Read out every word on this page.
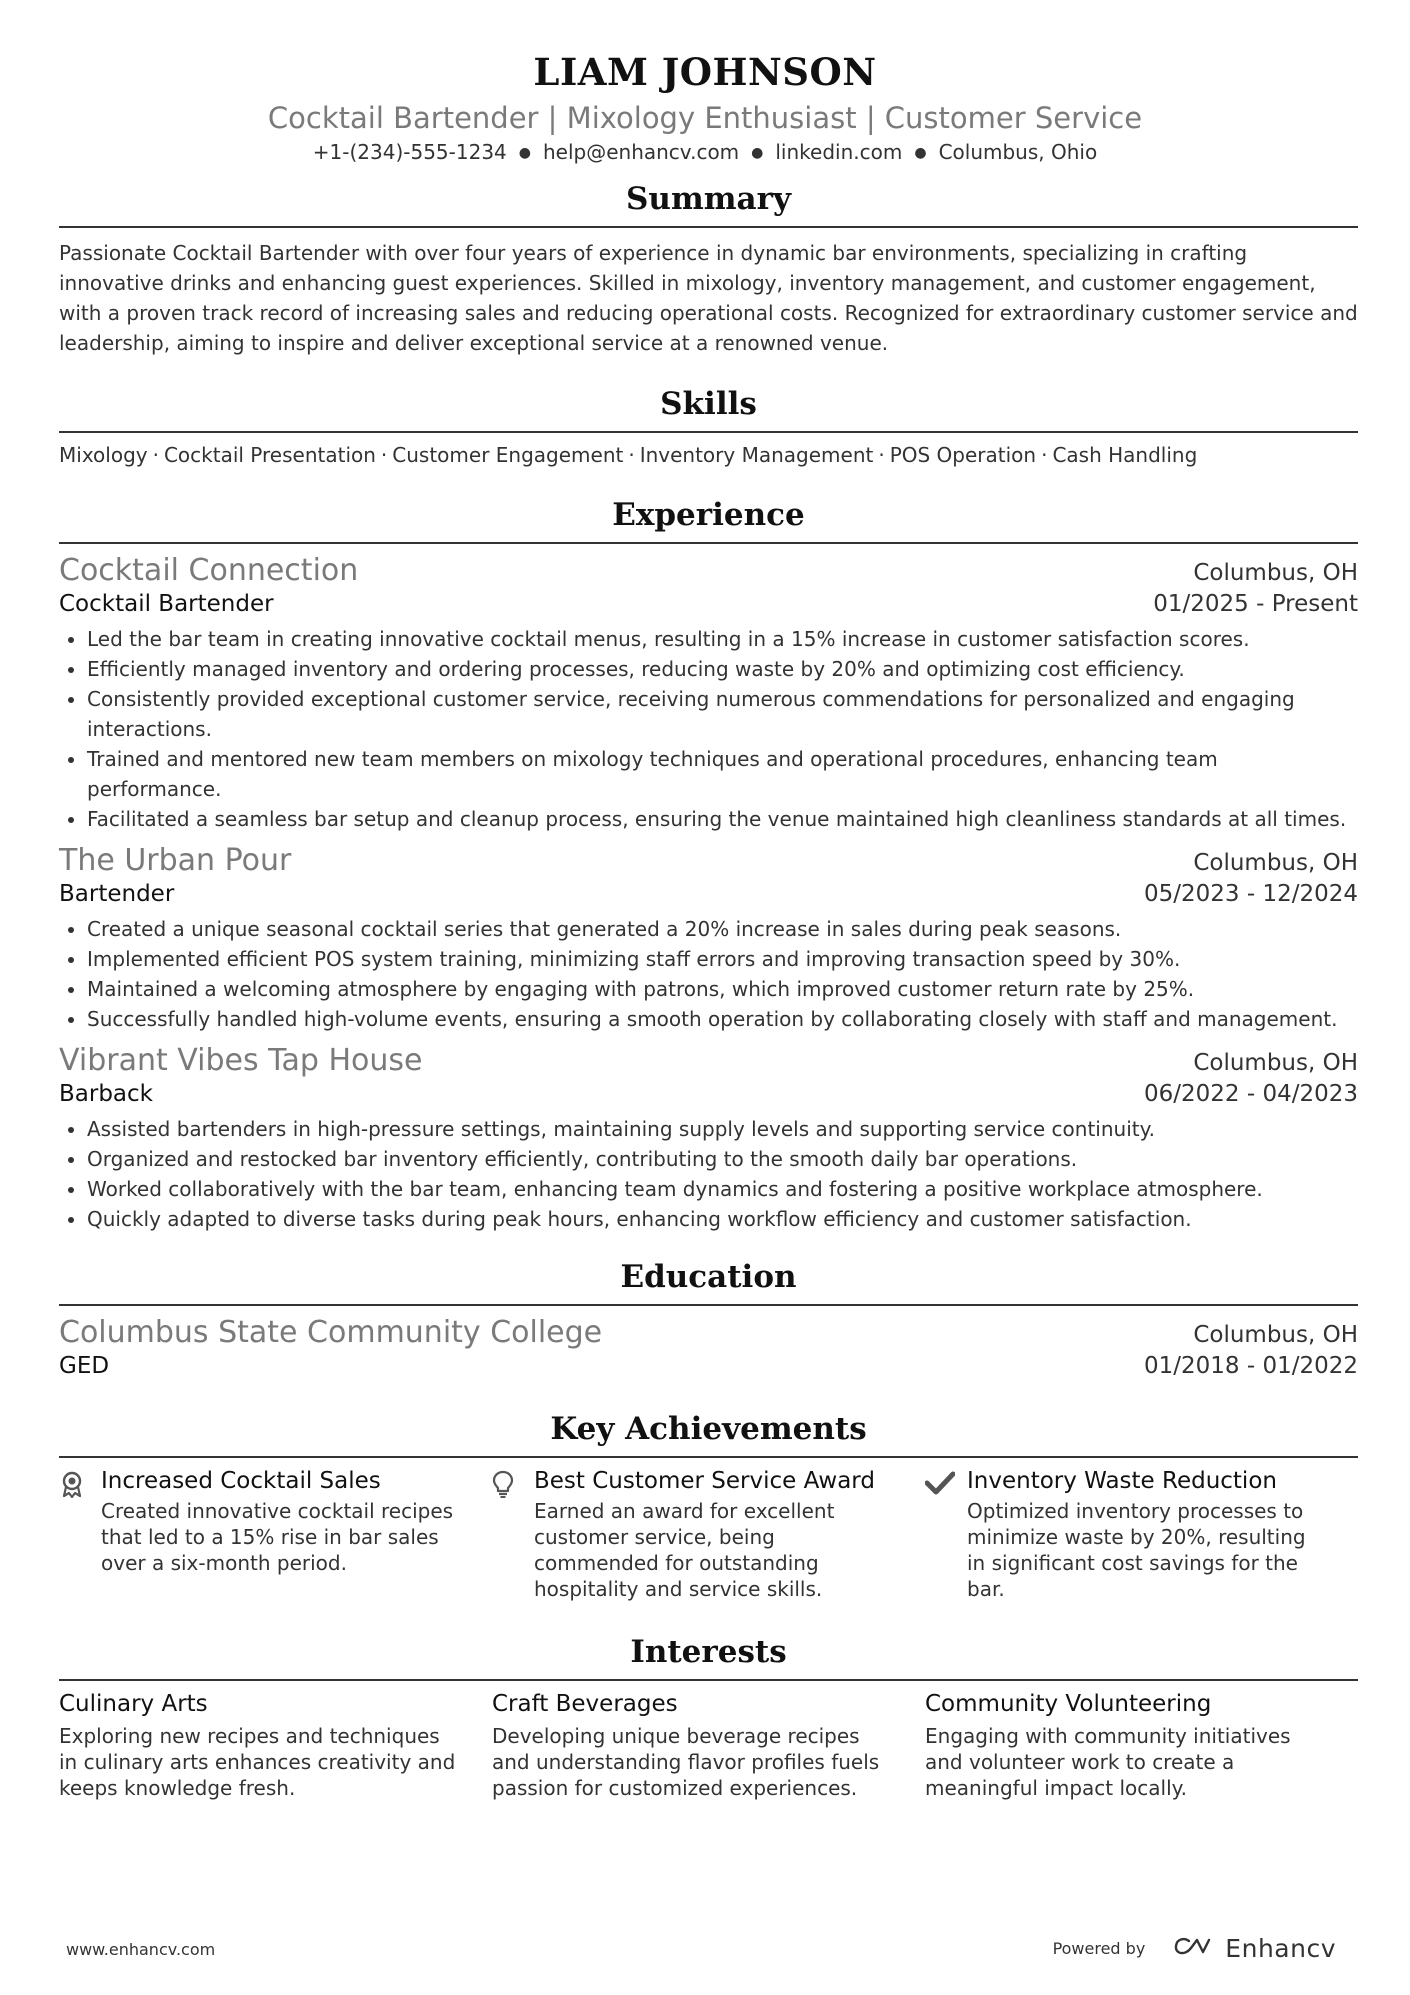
LIAM JOHNSON
Cocktail Bartender | Mixology Enthusiast | Customer Service
+1-(234)-555-1234 ● help@enhancv.com ● linkedin.com ● Columbus, Ohio
Summary
Passionate Cocktail Bartender with over four years of experience in dynamic bar environments, specializing in crafting innovative drinks and enhancing guest experiences. Skilled in mixology, inventory management, and customer engagement, with a proven track record of increasing sales and reducing operational costs. Recognized for extraordinary customer service and leadership, aiming to inspire and deliver exceptional service at a renowned venue.
Skills
Mixology · Cocktail Presentation · Customer Engagement · Inventory Management · POS Operation · Cash Handling
Experience
Cocktail Connection	Columbus, OH
Cocktail Bartender	01/2025 - Present
• Led the bar team in creating innovative cocktail menus, resulting in a 15% increase in customer satisfaction scores.
• Efficiently managed inventory and ordering processes, reducing waste by 20% and optimizing cost efficiency.
• Consistently provided exceptional customer service, receiving numerous commendations for personalized and engaging interactions.
• Trained and mentored new team members on mixology techniques and operational procedures, enhancing team performance.
• Facilitated a seamless bar setup and cleanup process, ensuring the venue maintained high cleanliness standards at all times.
The Urban Pour	Columbus, OH
Bartender	05/2023 - 12/2024
• Created a unique seasonal cocktail series that generated a 20% increase in sales during peak seasons.
• Implemented efficient POS system training, minimizing staff errors and improving transaction speed by 30%.
• Maintained a welcoming atmosphere by engaging with patrons, which improved customer return rate by 25%.
• Successfully handled high-volume events, ensuring a smooth operation by collaborating closely with staff and management.
Vibrant Vibes Tap House	Columbus, OH
Barback	06/2022 - 04/2023
• Assisted bartenders in high-pressure settings, maintaining supply levels and supporting service continuity.
• Organized and restocked bar inventory efficiently, contributing to the smooth daily bar operations.
• Worked collaboratively with the bar team, enhancing team dynamics and fostering a positive workplace atmosphere.
• Quickly adapted to diverse tasks during peak hours, enhancing workflow efficiency and customer satisfaction.
Education
Columbus State Community College	Columbus, OH
GED	01/2018 - 01/2022
Key Achievements
Increased Cocktail Sales
Created innovative cocktail recipes that led to a 15% rise in bar sales over a six-month period.
Best Customer Service Award
Earned an award for excellent customer service, being commended for outstanding hospitality and service skills.
Inventory Waste Reduction
Optimized inventory processes to minimize waste by 20%, resulting in significant cost savings for the bar.
Interests
Culinary Arts
Exploring new recipes and techniques in culinary arts enhances creativity and keeps knowledge fresh.
Craft Beverages
Developing unique beverage recipes and understanding flavor profiles fuels passion for customized experiences.
Community Volunteering
Engaging with community initiatives and volunteer work to create a meaningful impact locally.
www.enhancv.com	Powered by	Enhancv
